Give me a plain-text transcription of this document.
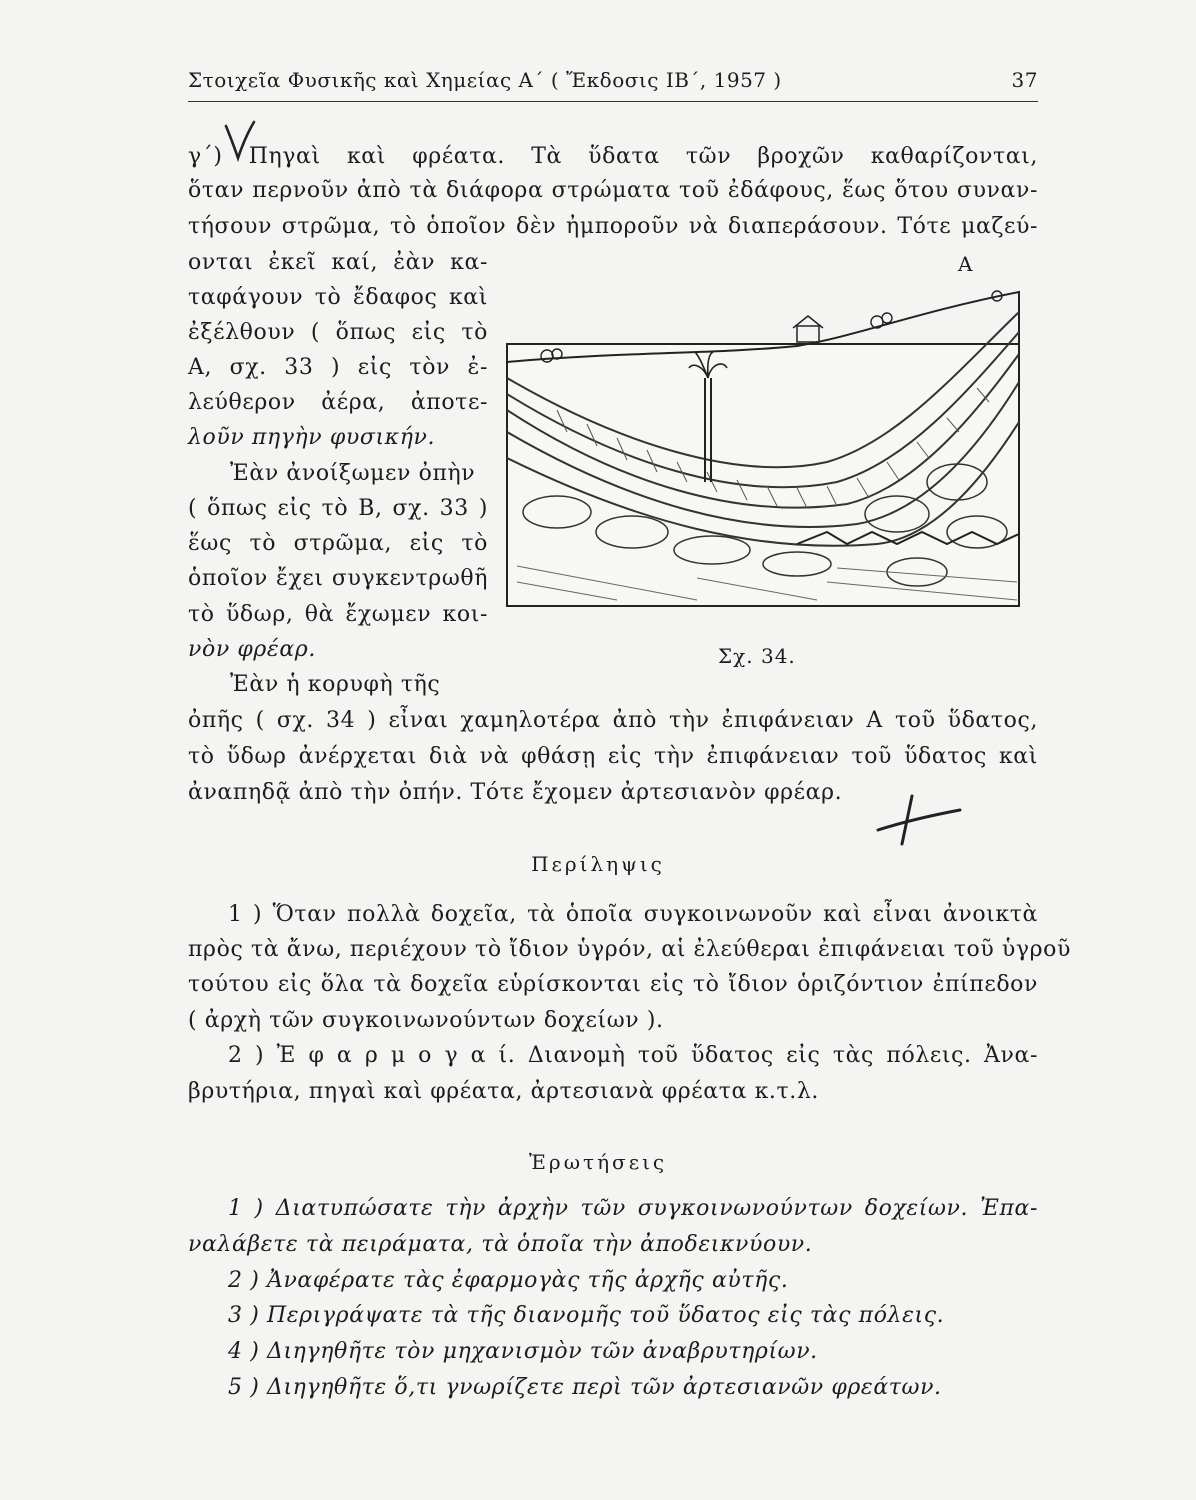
Στοιχεῖα Φυσικῆς καὶ Χημείας Α΄ ( Ἔκδοσις ΙΒ΄, 1957 )	37
γ΄) Πηγαὶ καὶ φρέατα. Τὰ ὕδατα τῶν βροχῶν καθαρίζονται,
ὅταν περνοῦν ἀπὸ τὰ διάφορα στρώματα τοῦ ἐδάφους, ἕως ὅτου συναν-
τήσουν στρῶμα, τὸ ὁποῖον δὲν ἠμποροῦν νὰ διαπεράσουν. Τότε μαζεύ-
ονται ἐκεῖ καί, ἐὰν κα-
ταφάγουν τὸ ἔδαφος καὶ
ἐξέλθουν ( ὅπως εἰς τὸ
Α, σχ. 33 ) εἰς τὸν ἐ-
λεύθερον ἀέρα, ἀποτε-
λοῦν πηγὴν φυσικήν.
Ἐὰν ἀνοίξωμεν ὀπὴν
( ὅπως εἰς τὸ Β, σχ. 33 )
ἕως τὸ στρῶμα, εἰς τὸ
ὁποῖον ἔχει συγκεντρωθῆ
τὸ ὕδωρ, θὰ ἔχωμεν κοι-
νὸν φρέαρ.
Ἐὰν ἡ κορυφὴ τῆς
ὀπῆς ( σχ. 34 ) εἶναι χαμηλοτέρα ἀπὸ τὴν ἐπιφάνειαν Α τοῦ ὕδατος,
τὸ ὕδωρ ἀνέρχεται διὰ νὰ φθάσῃ εἰς τὴν ἐπιφάνειαν τοῦ ὕδατος καὶ
ἀναπηδᾷ ἀπὸ τὴν ὀπήν. Τότε ἔχομεν ἀρτεσιανὸν φρέαρ.
Α
Σχ. 34.
Περίληψις
1 ) Ὅταν πολλὰ δοχεῖα, τὰ ὁποῖα συγκοινωνοῦν καὶ εἶναι ἀνοικτὰ
πρὸς τὰ ἄνω, περιέχουν τὸ ἴδιον ὑγρόν, αἱ ἐλεύθεραι ἐπιφάνειαι τοῦ ὑγροῦ
τούτου εἰς ὅλα τὰ δοχεῖα εὑρίσκονται εἰς τὸ ἴδιον ὁριζόντιον ἐπίπεδον
( ἀρχὴ τῶν συγκοινωνούντων δοχείων ).
2 ) Ἐ φ α ρ μ ο γ α ί. Διανομὴ τοῦ ὕδατος εἰς τὰς πόλεις. Ἀνα-
βρυτήρια, πηγαὶ καὶ φρέατα, ἀρτεσιανὰ φρέατα κ.τ.λ.
Ἐρωτήσεις
1 ) Διατυπώσατε τὴν ἀρχὴν τῶν συγκοινωνούντων δοχείων. Ἐπα-
ναλάβετε τὰ πειράματα, τὰ ὁποῖα τὴν ἀποδεικνύουν.
2 ) Ἀναφέρατε τὰς ἐφαρμογὰς τῆς ἀρχῆς αὐτῆς.
3 ) Περιγράψατε τὰ τῆς διανομῆς τοῦ ὕδατος εἰς τὰς πόλεις.
4 ) Διηγηθῆτε τὸν μηχανισμὸν τῶν ἀναβρυτηρίων.
5 ) Διηγηθῆτε ὅ,τι γνωρίζετε περὶ τῶν ἀρτεσιανῶν φρεάτων.
